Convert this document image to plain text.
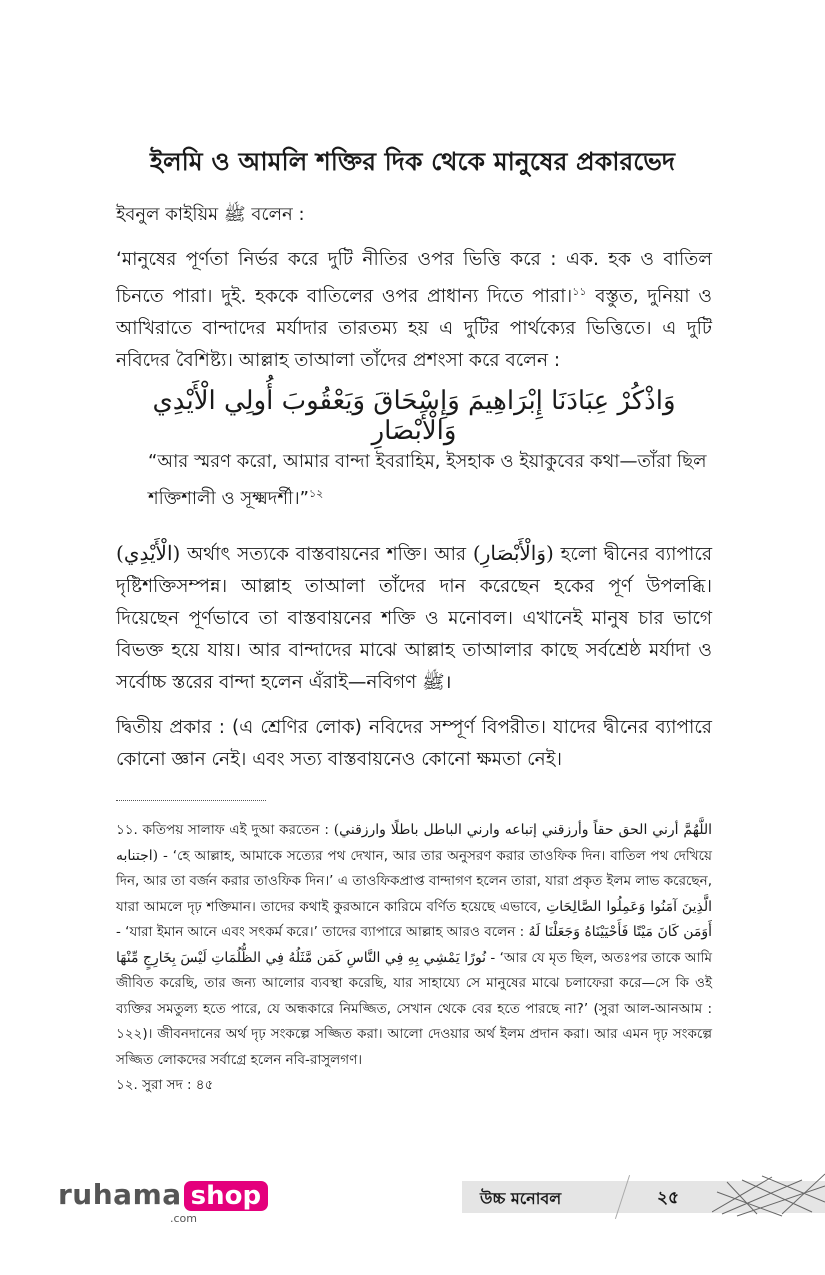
ইলমি ও আমলি শক্তির দিক থেকে মানুষের প্রকারভেদ
ইবনুল কাইয়িম ﷺ বলেন :
‘মানুষের পূর্ণতা নির্ভর করে দুটি নীতির ওপর ভিত্তি করে : এক. হক ও বাতিল চিনতে পারা। দুই. হককে বাতিলের ওপর প্রাধান্য দিতে পারা।$^{১১}$ বস্তুত, দুনিয়া ও আখিরাতে বান্দাদের মর্যাদার তারতম্য হয় এ দুটির পার্থক্যের ভিত্তিতে। এ দুটি নবিদের বৈশিষ্ট্য। আল্লাহ তাআলা তাঁদের প্রশংসা করে বলেন :
وَاذْكُرْ عِبَادَنَا إِبْرَاهِيمَ وَإِسْحَاقَ وَيَعْقُوبَ أُولِي الْأَيْدِي وَالْأَبْصَارِ
“আর স্মরণ করো, আমার বান্দা ইবরাহিম, ইসহাক ও ইয়াকুবের কথা—তাঁরা ছিল শক্তিশালী ও সূক্ষ্মদর্শী।”$^{১২}$
(الْأَيْدِي) অর্থাৎ সত্যকে বাস্তবায়নের শক্তি। আর (وَالْأَبْصَارِ) হলো দ্বীনের ব্যাপারে দৃষ্টিশক্তিসম্পন্ন। আল্লাহ তাআলা তাঁদের দান করেছেন হকের পূর্ণ উপলব্ধি। দিয়েছেন পূর্ণভাবে তা বাস্তবায়নের শক্তি ও মনোবল। এখানেই মানুষ চার ভাগে বিভক্ত হয়ে যায়। আর বান্দাদের মাঝে আল্লাহ তাআলার কাছে সর্বশ্রেষ্ঠ মর্যাদা ও সর্বোচ্চ স্তরের বান্দা হলেন এঁরাই—নবিগণ ﷺ।
দ্বিতীয় প্রকার : (এ শ্রেণির লোক) নবিদের সম্পূর্ণ বিপরীত। যাদের দ্বীনের ব্যাপারে কোনো জ্ঞান নেই। এবং সত্য বাস্তবায়নেও কোনো ক্ষমতা নেই।
১১. কতিপয় সালাফ এই দুআ করতেন : (اللَّهُمَّ أرني الحق حقاً وأرزقني إتباعه وارني الباطل باطلًا وارزقني اجتنابه) - ‘হে আল্লাহ, আমাকে সত্যের পথ দেখান, আর তার অনুসরণ করার তাওফিক দিন। বাতিল পথ দেখিয়ে দিন, আর তা বর্জন করার তাওফিক দিন।’ এ তাওফিকপ্রাপ্ত বান্দাগণ হলেন তারা, যারা প্রকৃত ইলম লাভ করেছেন, যারা আমলে দৃঢ় শক্তিমান। তাদের কথাই কুরআনে কারিমে বর্ণিত হয়েছে এভাবে, الَّذِينَ آمَنُوا وَعَمِلُوا الصَّالِحَاتِ - ‘যারা ইমান আনে এবং সৎকর্ম করে।’ তাদের ব্যাপারে আল্লাহ আরও বলেন : أَوَمَن كَانَ مَيْتًا فَأَحْيَيْنَاهُ وَجَعَلْنَا لَهُ نُورًا يَمْشِي بِهِ فِي النَّاسِ كَمَن مَّثَلُهُ فِي الظُّلُمَاتِ لَيْسَ بِخَارِجٍ مِّنْهَا - ‘আর যে মৃত ছিল, অতঃপর তাকে আমি জীবিত করেছি, তার জন্য আলোর ব্যবস্থা করেছি, যার সাহায্যে সে মানুষের মাঝে চলাফেরা করে—সে কি ওই ব্যক্তির সমতুল্য হতে পারে, যে অন্ধকারে নিমজ্জিত, সেখান থেকে বের হতে পারছে না?’ (সুরা আল-আনআম : ১২২)। জীবনদানের অর্থ দৃঢ় সংকল্পে সজ্জিত করা। আলো দেওয়ার অর্থ ইলম প্রদান করা। আর এমন দৃঢ় সংকল্পে সজ্জিত লোকদের সর্বাগ্রে হলেন নবি-রাসুলগণ।
১২. সুরা সদ : ৪৫
ruhama shop
.com
উচ্চ মনোবল	২৫
